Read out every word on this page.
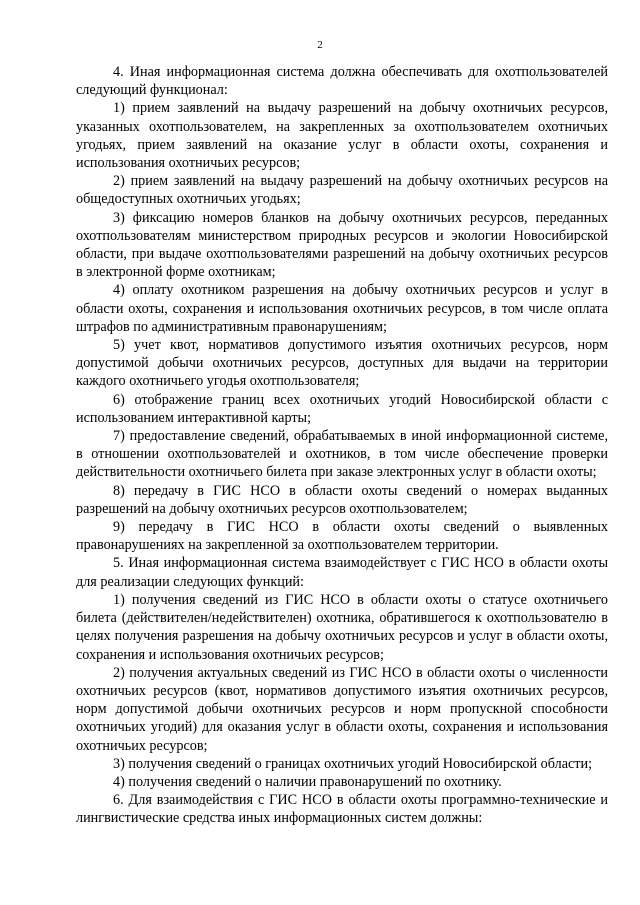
2

4. Иная информационная система должна обеспечивать для охотпользователей следующий функционал:

1) прием заявлений на выдачу разрешений на добычу охотничьих ресурсов, указанных охотпользователем, на закрепленных за охотпользователем охотничьих угодьях, прием заявлений на оказание услуг в области охоты, сохранения и использования охотничьих ресурсов;

2) прием заявлений на выдачу разрешений на добычу охотничьих ресурсов на общедоступных охотничьих угодьях;

3) фиксацию номеров бланков на добычу охотничьих ресурсов, переданных охотпользователям министерством природных ресурсов и экологии Новосибирской области, при выдаче охотпользователями разрешений на добычу охотничьих ресурсов в электронной форме охотникам;

4) оплату охотником разрешения на добычу охотничьих ресурсов и услуг в области охоты, сохранения и использования охотничьих ресурсов, в том числе оплата штрафов по административным правонарушениям;

5) учет квот, нормативов допустимого изъятия охотничьих ресурсов, норм допустимой добычи охотничьих ресурсов, доступных для выдачи на территории каждого охотничьего угодья охотпользователя;

6) отображение границ всех охотничьих угодий Новосибирской области с использованием интерактивной карты;

7) предоставление сведений, обрабатываемых в иной информационной системе, в отношении охотпользователей и охотников, в том числе обеспечение проверки действительности охотничьего билета при заказе электронных услуг в области охоты;

8) передачу в ГИС НСО в области охоты сведений о номерах выданных разрешений на добычу охотничьих ресурсов охотпользователем;

9) передачу в ГИС НСО в области охоты сведений о выявленных правонарушениях на закрепленной за охотпользователем территории.

5. Иная информационная система взаимодействует с ГИС НСО в области охоты для реализации следующих функций:

1) получения сведений из ГИС НСО в области охоты о статусе охотничьего билета (действителен/недействителен) охотника, обратившегося к охотпользователю в целях получения разрешения на добычу охотничьих ресурсов и услуг в области охоты, сохранения и использования охотничьих ресурсов;

2) получения актуальных сведений из ГИС НСО в области охоты о численности охотничьих ресурсов (квот, нормативов допустимого изъятия охотничьих ресурсов, норм допустимой добычи охотничьих ресурсов и норм пропускной способности охотничьих угодий) для оказания услуг в области охоты, сохранения и использования охотничьих ресурсов;

3) получения сведений о границах охотничьих угодий Новосибирской области;

4) получения сведений о наличии правонарушений по охотнику.

6. Для взаимодействия с ГИС НСО в области охоты программно-технические и лингвистические средства иных информационных систем должны:
